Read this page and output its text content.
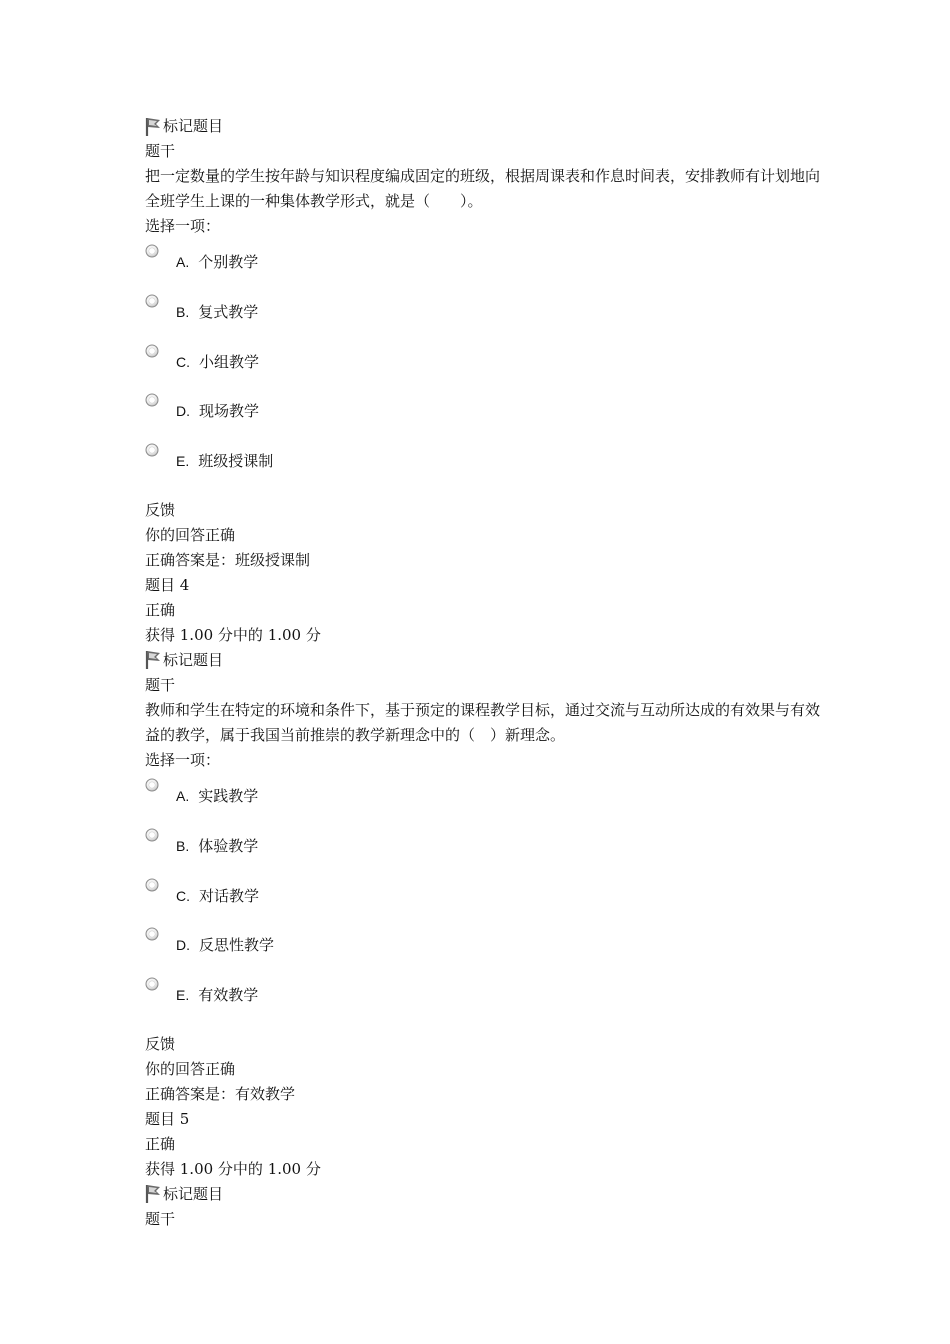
标记题目
题干
把一定数量的学生按年龄与知识程度编成固定的班级，根据周课表和作息时间表，安排教师有计划地向全班学生上课的一种集体教学形式，就是（　　）。
选择一项：
A. 个别教学
B. 复式教学
C. 小组教学
D. 现场教学
E. 班级授课制
反馈
你的回答正确
正确答案是：班级授课制
题目 4
正确
获得 1.00 分中的 1.00 分
标记题目
题干
教师和学生在特定的环境和条件下，基于预定的课程教学目标，通过交流与互动所达成的有效果与有效益的教学，属于我国当前推崇的教学新理念中的（　）新理念。
选择一项：
A. 实践教学
B. 体验教学
C. 对话教学
D. 反思性教学
E. 有效教学
反馈
你的回答正确
正确答案是：有效教学
题目 5
正确
获得 1.00 分中的 1.00 分
标记题目
题干
